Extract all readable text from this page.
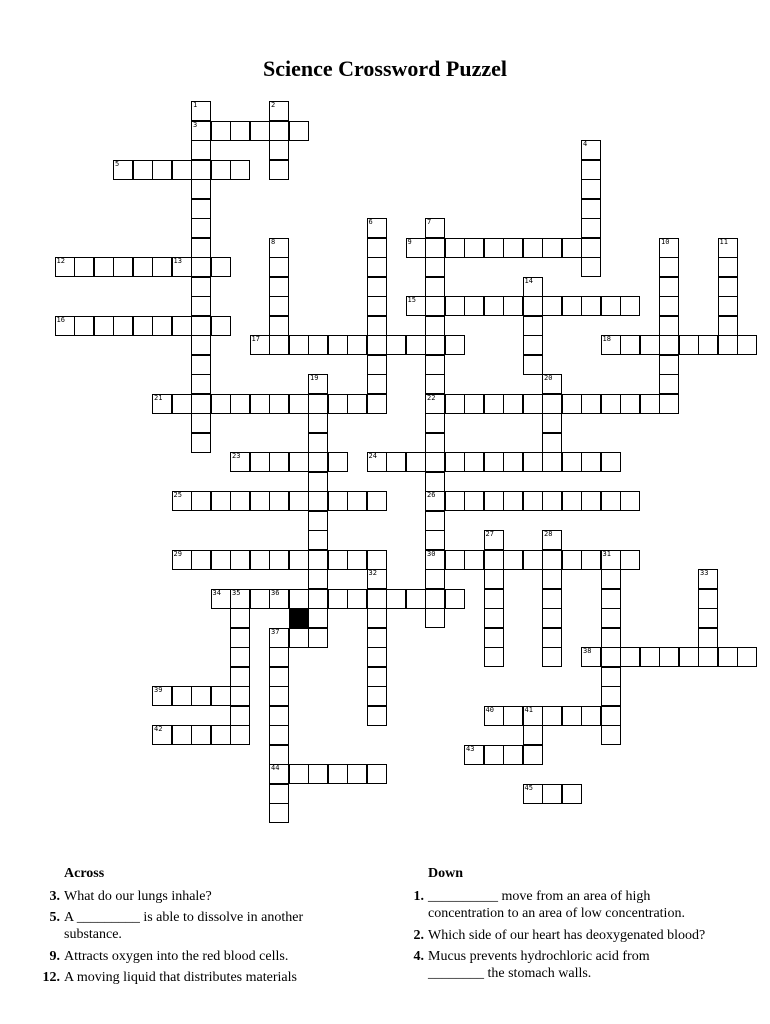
Science Crossword Puzzel
1
3
2
4
5
6	7
22
26
30
8	9	10	11
12	13
14
15
16
17	18
19	20
21
23	24
25
27	28
29	31
32	33
34 35	36
37
44
38
39
40	41
42
43
45
Across	Down
3. What do our lungs inhale?
5. A _________ is able to dissolve in another substance.
9. Attracts oxygen into the red blood cells.
12. A moving liquid that distributes materials
1. __________ move from an area of high concentration to an area of low concentration.
2. Which side of our heart has deoxygenated blood?
4. Mucus prevents hydrochloric acid from ________ the stomach walls.
